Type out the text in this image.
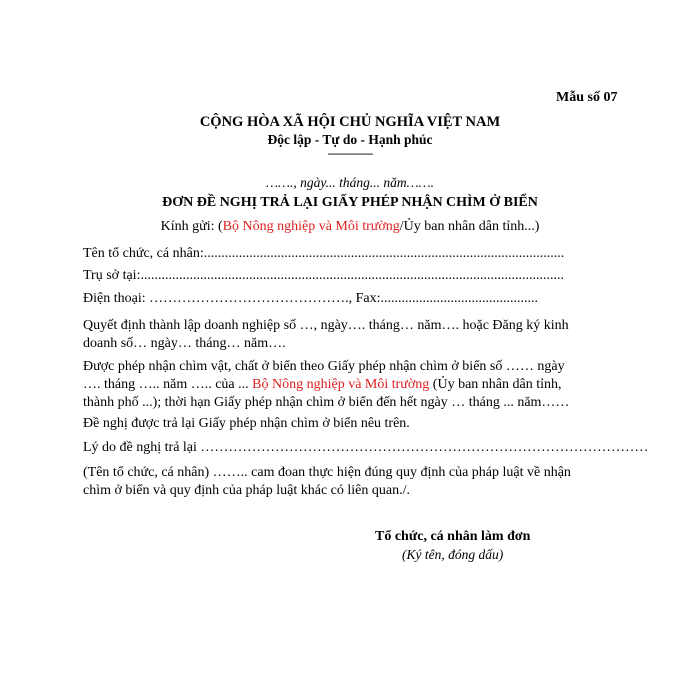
Mẫu số 07
CỘNG HÒA XÃ HỘI CHỦ NGHĨA VIỆT NAM
Độc lập - Tự do - Hạnh phúc
---------------
……., ngày... tháng... năm…….
ĐƠN ĐỀ NGHỊ TRẢ LẠI GIẤY PHÉP NHẬN CHÌM Ở BIỂN
Kính gửi: (Bộ Nông nghiệp và Môi trường/Ủy ban nhân dân tỉnh...)
Tên tổ chức, cá nhân:.......................................................................................................
Trụ sở tại:.........................................................................................................................
Điện thoại: ……………………………………., Fax:.............................................
Quyết định thành lập doanh nghiệp số …, ngày…. tháng… năm…. hoặc Đăng ký kinh doanh số… ngày… tháng… năm….
Được phép nhận chìm vật, chất ở biển theo Giấy phép nhận chìm ở biển số …… ngày …. tháng ….. năm ….. của ... Bộ Nông nghiệp và Môi trường (Ủy ban nhân dân tỉnh, thành phố ...); thời hạn Giấy phép nhận chìm ở biển đến hết ngày … tháng ... năm……
Đề nghị được trả lại Giấy phép nhận chìm ở biển nêu trên.
Lý do đề nghị trả lại ……………………………………………………………………………………
(Tên tổ chức, cá nhân) …….. cam đoan thực hiện đúng quy định của pháp luật về nhận chìm ở biển và quy định của pháp luật khác có liên quan./.
Tổ chức, cá nhân làm đơn
(Ký tên, đóng dấu)
